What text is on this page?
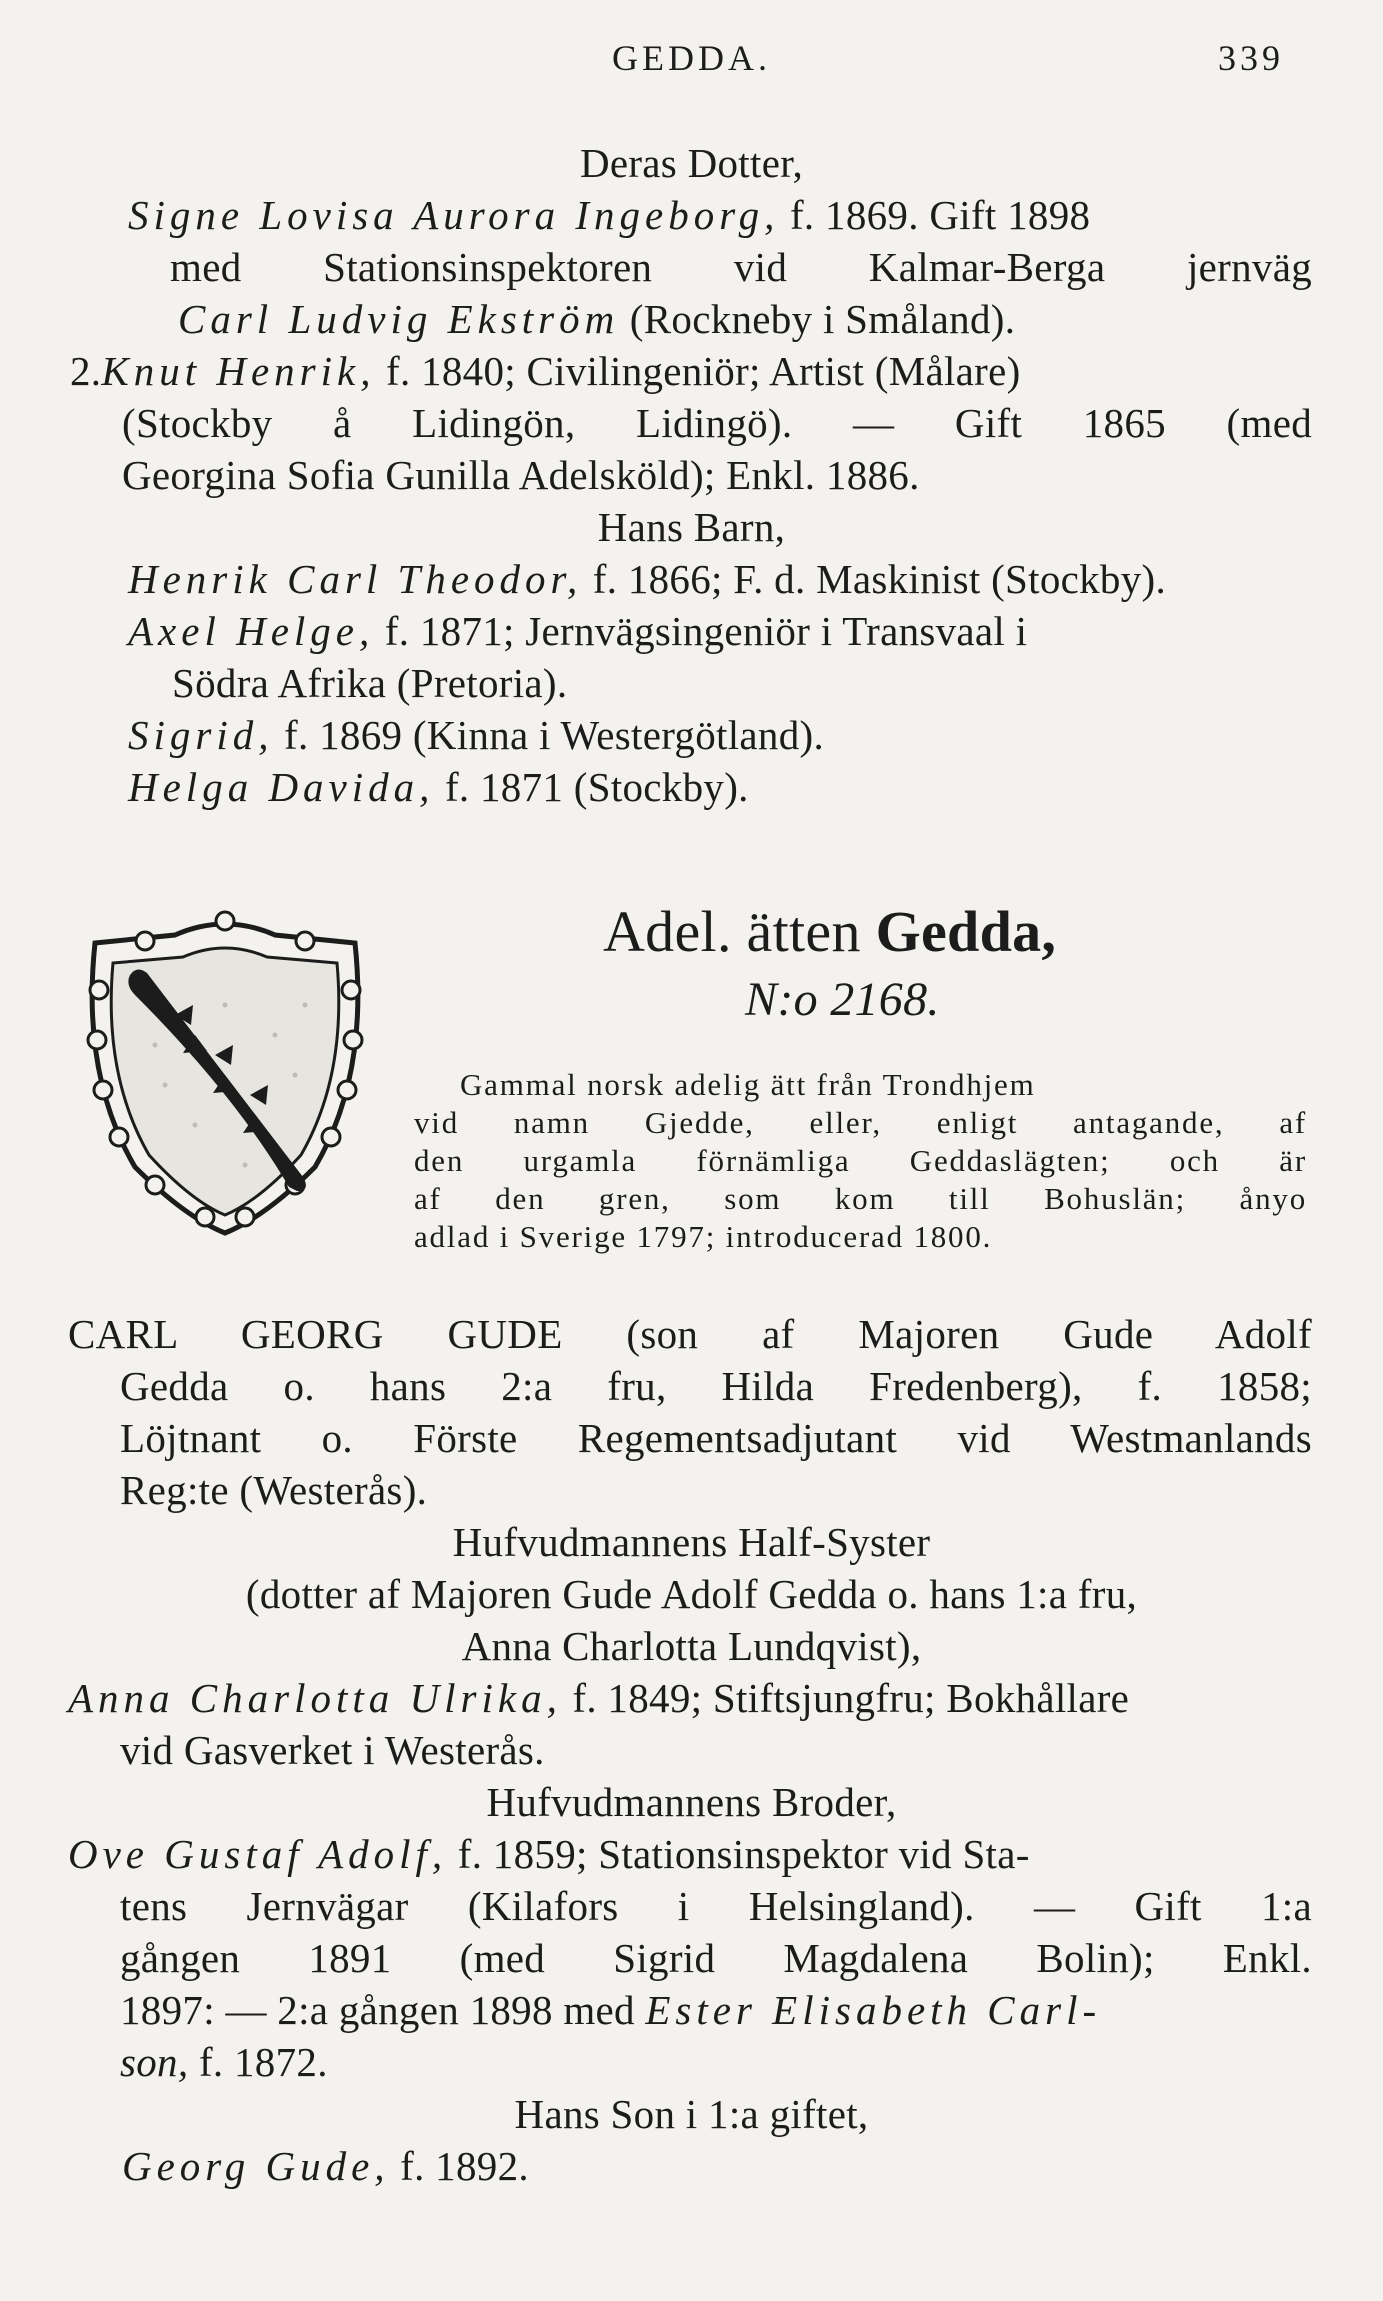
GEDDA.	339
Deras Dotter,
Signe Lovisa Aurora Ingeborg, f. 1869. Gift 1898
med Stationsinspektoren vid Kalmar-Berga jernväg
Carl Ludvig Ekström (Rockneby i Småland).
2.Knut Henrik, f. 1840; Civilingeniör; Artist (Målare)
(Stockby å Lidingön, Lidingö). — Gift 1865 (med
Georgina Sofia Gunilla Adelsköld); Enkl. 1886.
Hans Barn,
Henrik Carl Theodor, f. 1866; F. d. Maskinist (Stockby).
Axel Helge, f. 1871; Jernvägsingeniör i Transvaal i
Södra Afrika (Pretoria).
Sigrid, f. 1869 (Kinna i Westergötland).
Helga Davida, f. 1871 (Stockby).
Adel. ätten Gedda,
N:o 2168.
Gammal norsk adelig ätt från Trondhjem
vid namn Gjedde, eller, enligt antagande, af
den urgamla förnämliga Geddaslägten; och är
af den gren, som kom till Bohuslän; ånyo
adlad i Sverige 1797; introducerad 1800.
CARL GEORG GUDE (son af Majoren Gude Adolf
Gedda o. hans 2:a fru, Hilda Fredenberg), f. 1858;
Löjtnant o. Förste Regementsadjutant vid Westmanlands
Reg:te (Westerås).
Hufvudmannens Half-Syster
(dotter af Majoren Gude Adolf Gedda o. hans 1:a fru,
Anna Charlotta Lundqvist),
Anna Charlotta Ulrika, f. 1849; Stiftsjungfru; Bokhållare
vid Gasverket i Westerås.
Hufvudmannens Broder,
Ove Gustaf Adolf, f. 1859; Stationsinspektor vid Sta-
tens Jernvägar (Kilafors i Helsingland). — Gift 1:a
gången 1891 (med Sigrid Magdalena Bolin); Enkl.
1897: — 2:a gången 1898 med Ester Elisabeth Carl-
son, f. 1872.
Hans Son i 1:a giftet,
Georg Gude, f. 1892.
